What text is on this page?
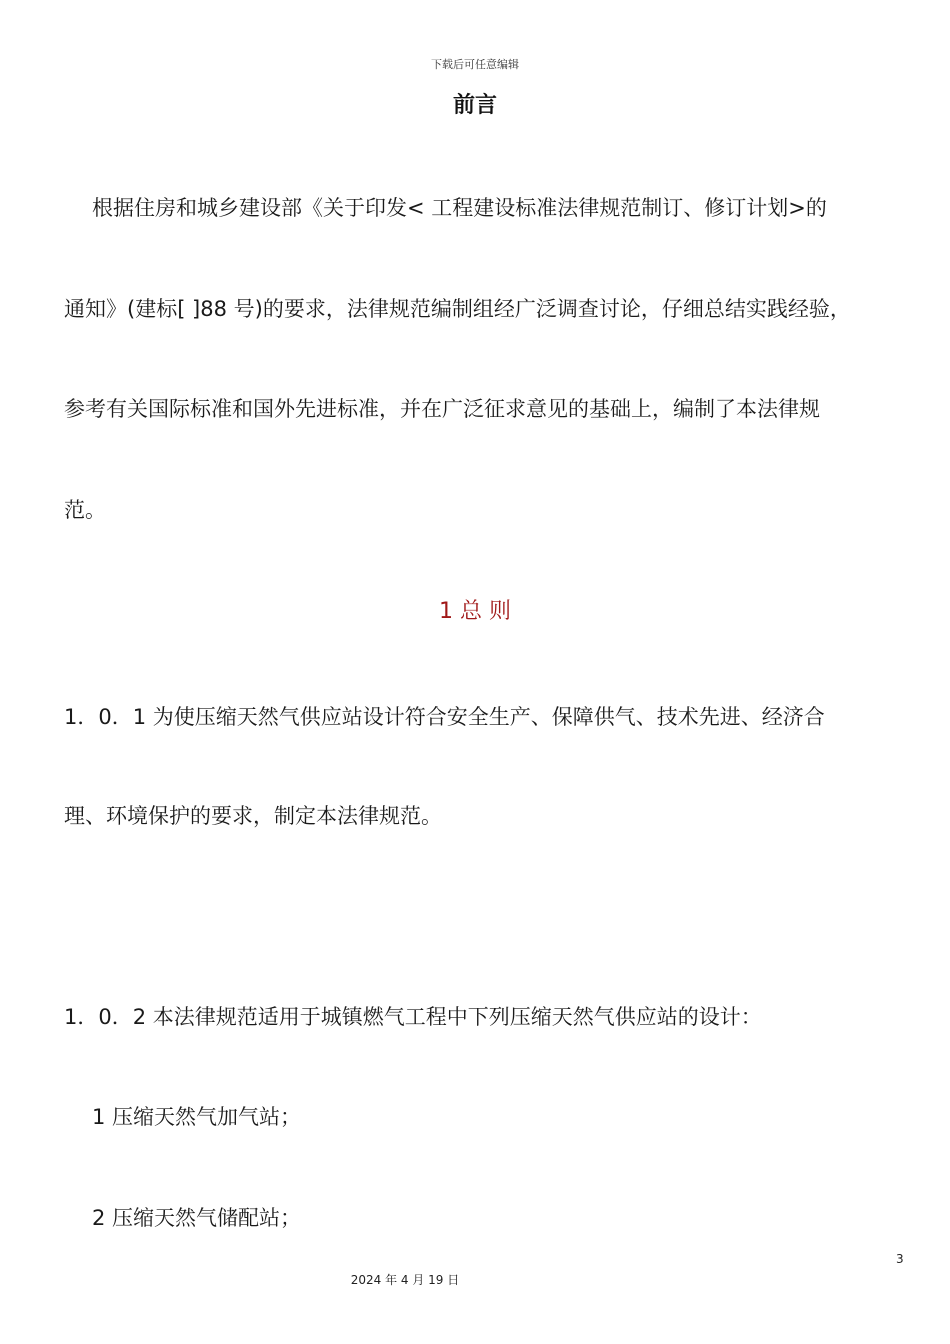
下载后可任意编辑
前言
根据住房和城乡建设部《关于印发< 工程建设标准法律规范制订、修订计划>的
通知》(建标[ ]88 号)的要求，法律规范编制组经广泛调查讨论，仔细总结实践经验，
参考有关国际标准和国外先进标准，并在广泛征求意见的基础上，编制了本法律规
范。
1 总 则
1．0．1 为使压缩天然气供应站设计符合安全生产、保障供气、技术先进、经济合
理、环境保护的要求，制定本法律规范。
1．0．2 本法律规范适用于城镇燃气工程中下列压缩天然气供应站的设计：
1 压缩天然气加气站；
2 压缩天然气储配站；
3
2024 年 4 月 19 日
